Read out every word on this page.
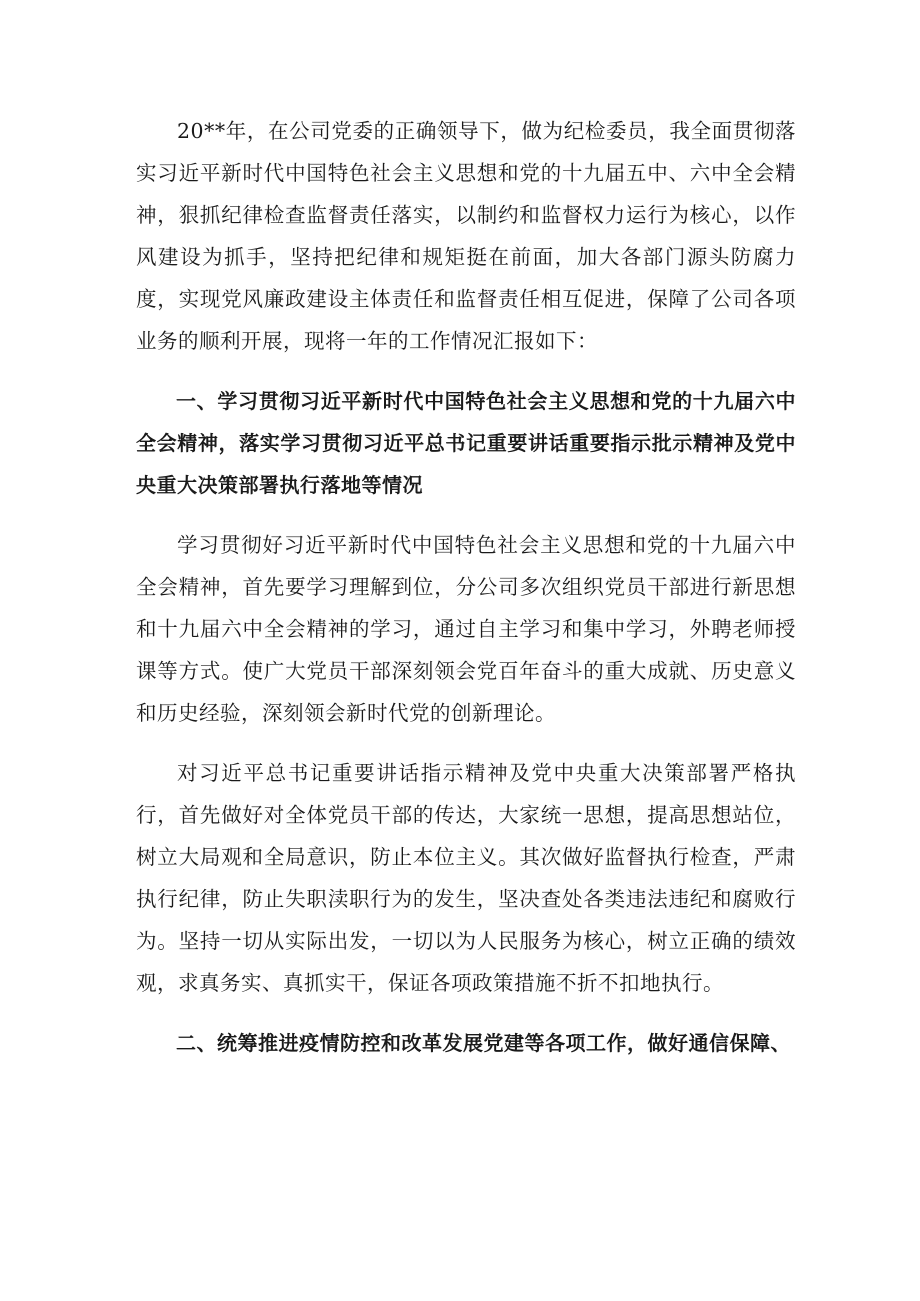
20**年，在公司党委的正确领导下，做为纪检委员，我全面贯彻落实习近平新时代中国特色社会主义思想和党的十九届五中、六中全会精神，狠抓纪律检查监督责任落实，以制约和监督权力运行为核心，以作风建设为抓手，坚持把纪律和规矩挺在前面，加大各部门源头防腐力度，实现党风廉政建设主体责任和监督责任相互促进，保障了公司各项业务的顺利开展，现将一年的工作情况汇报如下：

一、学习贯彻习近平新时代中国特色社会主义思想和党的十九届六中全会精神，落实学习贯彻习近平总书记重要讲话重要指示批示精神及党中央重大决策部署执行落地等情况

学习贯彻好习近平新时代中国特色社会主义思想和党的十九届六中全会精神，首先要学习理解到位，分公司多次组织党员干部进行新思想和十九届六中全会精神的学习，通过自主学习和集中学习，外聘老师授课等方式。使广大党员干部深刻领会党百年奋斗的重大成就、历史意义和历史经验，深刻领会新时代党的创新理论。

对习近平总书记重要讲话指示精神及党中央重大决策部署严格执行，首先做好对全体党员干部的传达，大家统一思想，提高思想站位，树立大局观和全局意识，防止本位主义。其次做好监督执行检查，严肃执行纪律，防止失职渎职行为的发生，坚决查处各类违法违纪和腐败行为。坚持一切从实际出发，一切以为人民服务为核心，树立正确的绩效观，求真务实、真抓实干，保证各项政策措施不折不扣地执行。

二、统筹推进疫情防控和改革发展党建等各项工作，做好通信保障、
